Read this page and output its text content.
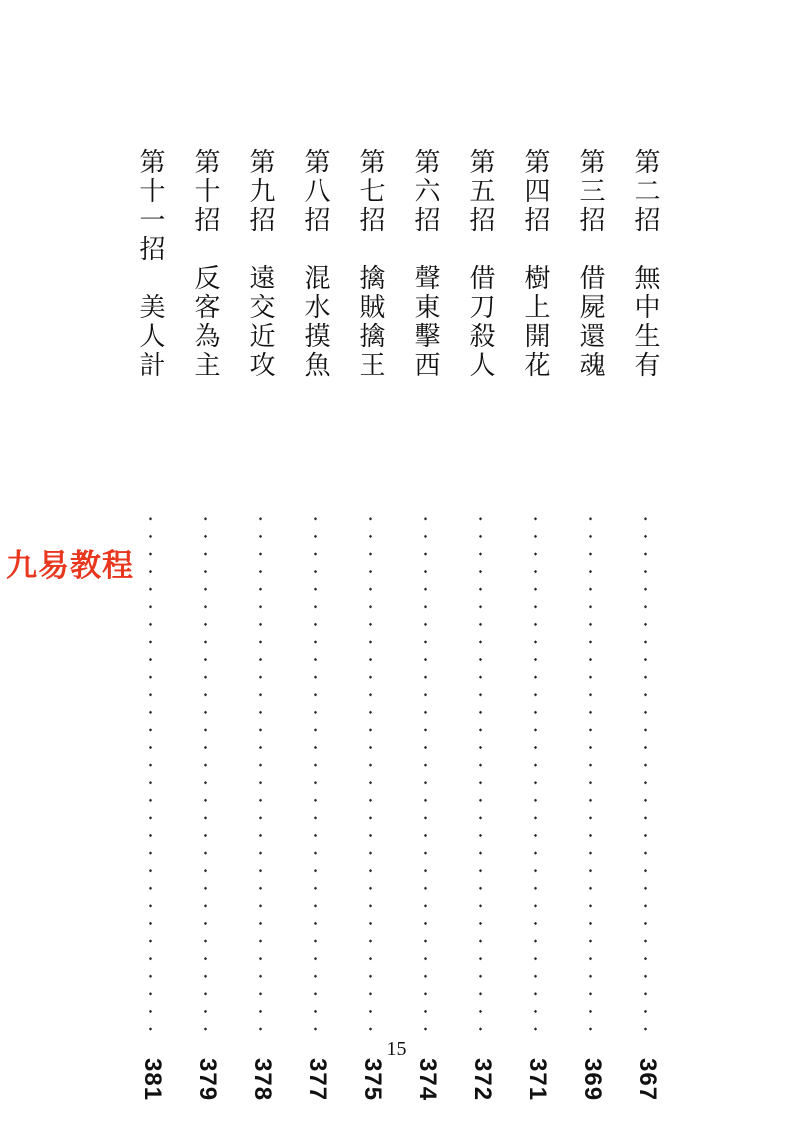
第二招　無中生有
367
第三招　借屍還魂
369
第四招　樹上開花
371
第五招　借刀殺人
372
第六招　聲東擊西
374
第七招　擒賊擒王
375
第八招　混水摸魚
377
第九招　遠交近攻
378
第十招　反客為主
379
第十一招　美人計
381
九易教程
15
